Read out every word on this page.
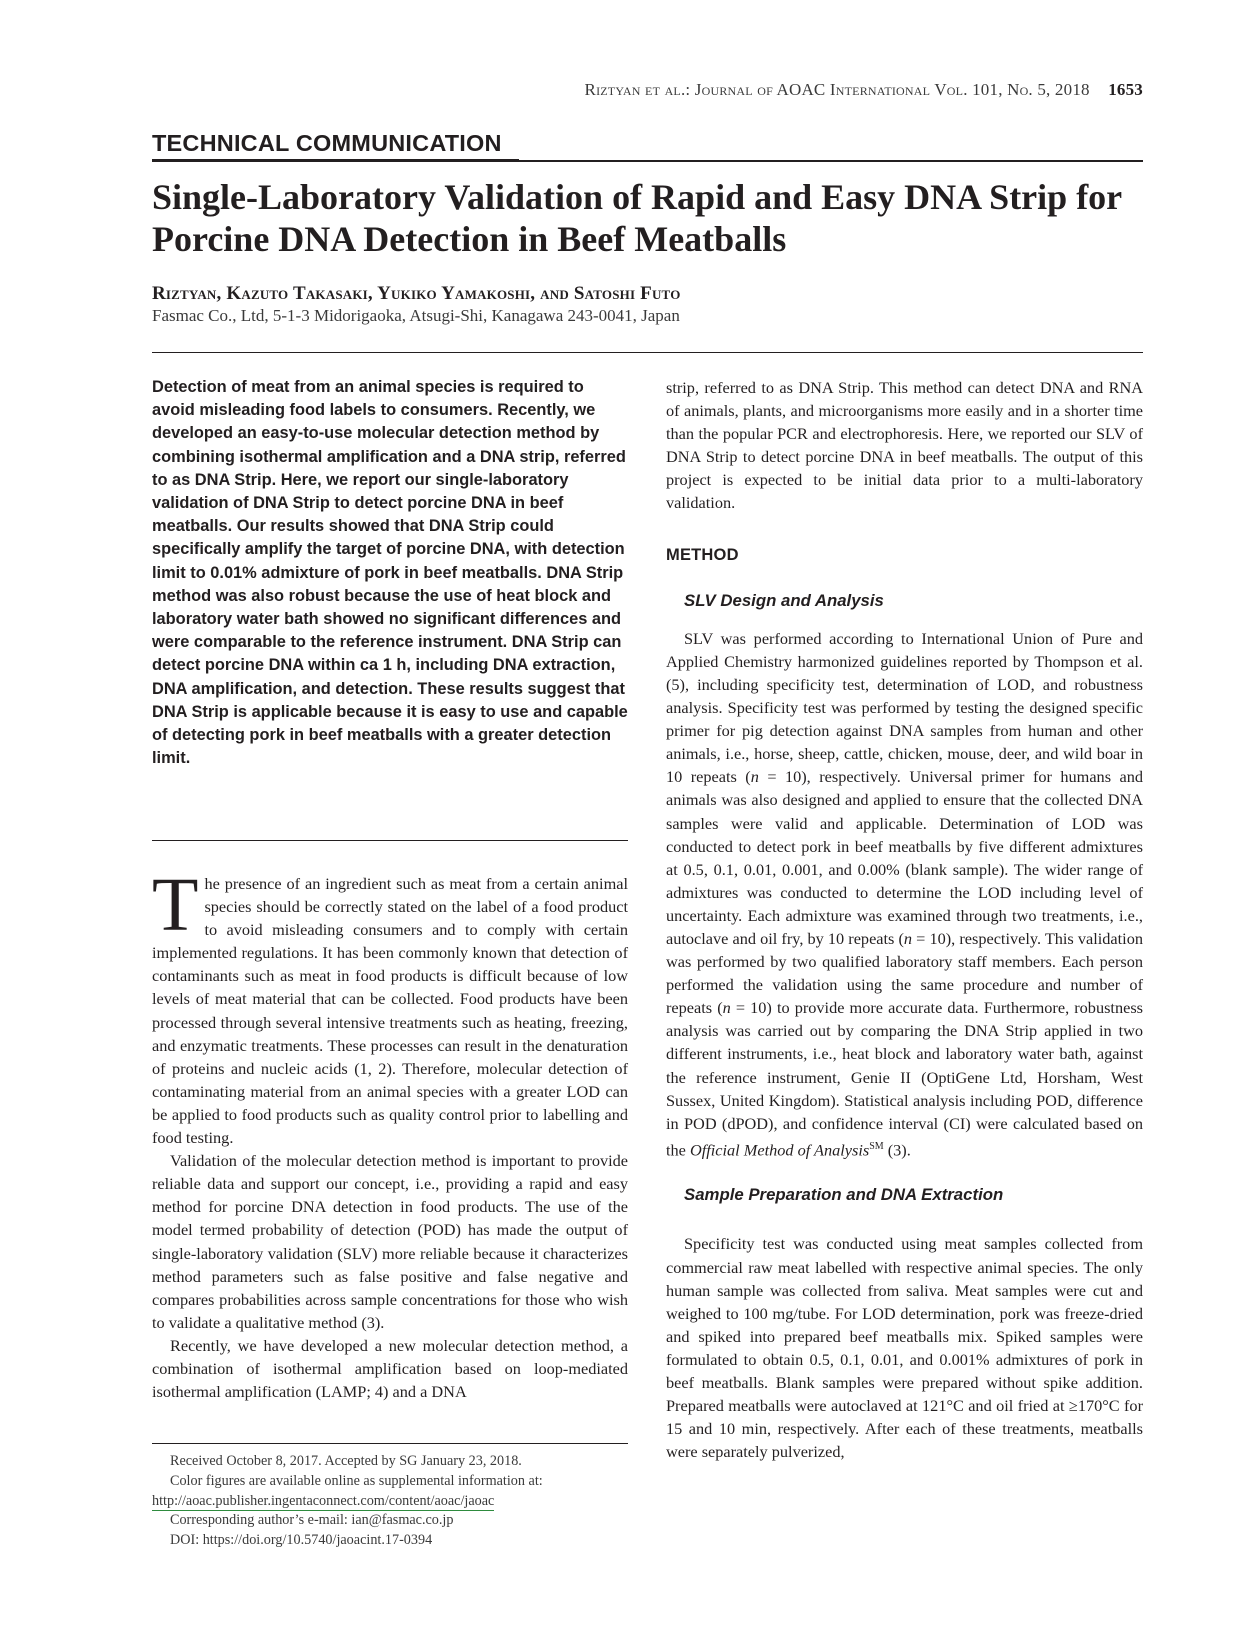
Riztyan et al.: Journal of AOAC International Vol. 101, No. 5, 2018 1653
TECHNICAL COMMUNICATION
Single-Laboratory Validation of Rapid and Easy DNA Strip for Porcine DNA Detection in Beef Meatballs
Riztyan, Kazuto Takasaki, Yukiko Yamakoshi, and Satoshi Futo
Fasmac Co., Ltd, 5-1-3 Midorigaoka, Atsugi-Shi, Kanagawa 243-0041, Japan
Detection of meat from an animal species is required to avoid misleading food labels to consumers. Recently, we developed an easy-to-use molecular detection method by combining isothermal amplification and a DNA strip, referred to as DNA Strip. Here, we report our single-laboratory validation of DNA Strip to detect porcine DNA in beef meatballs. Our results showed that DNA Strip could specifically amplify the target of porcine DNA, with detection limit to 0.01% admixture of pork in beef meatballs. DNA Strip method was also robust because the use of heat block and laboratory water bath showed no significant differences and were comparable to the reference instrument. DNA Strip can detect porcine DNA within ca 1 h, including DNA extraction, DNA amplification, and detection. These results suggest that DNA Strip is applicable because it is easy to use and capable of detecting pork in beef meatballs with a greater detection limit.

The presence of an ingredient such as meat from a certain animal species should be correctly stated on the label of a food product to avoid misleading consumers and to comply with certain implemented regulations. It has been commonly known that detection of contaminants such as meat in food products is difficult because of low levels of meat material that can be collected. Food products have been processed through several intensive treatments such as heating, freezing, and enzymatic treatments. These processes can result in the denaturation of proteins and nucleic acids (1, 2). Therefore, molecular detection of contaminating material from an animal species with a greater LOD can be applied to food products such as quality control prior to labelling and food testing.

Validation of the molecular detection method is important to provide reliable data and support our concept, i.e., providing a rapid and easy method for porcine DNA detection in food products. The use of the model termed probability of detection (POD) has made the output of single-laboratory validation (SLV) more reliable because it characterizes method parameters such as false positive and false negative and compares probabilities across sample concentrations for those who wish to validate a qualitative method (3).

Recently, we have developed a new molecular detection method, a combination of isothermal amplification based on loop-mediated isothermal amplification (LAMP; 4) and a DNA

Received October 8, 2017. Accepted by SG January 23, 2018.
Color figures are available online as supplemental information at:
http://aoac.publisher.ingentaconnect.com/content/aoac/jaoac
Corresponding author’s e-mail: ian@fasmac.co.jp
DOI: https://doi.org/10.5740/jaoacint.17-0394

strip, referred to as DNA Strip. This method can detect DNA and RNA of animals, plants, and microorganisms more easily and in a shorter time than the popular PCR and electrophoresis. Here, we reported our SLV of DNA Strip to detect porcine DNA in beef meatballs. The output of this project is expected to be initial data prior to a multi-laboratory validation.

METHOD
SLV Design and Analysis

SLV was performed according to International Union of Pure and Applied Chemistry harmonized guidelines reported by Thompson et al. (5), including specificity test, determination of LOD, and robustness analysis. Specificity test was performed by testing the designed specific primer for pig detection against DNA samples from human and other animals, i.e., horse, sheep, cattle, chicken, mouse, deer, and wild boar in 10 repeats (n = 10), respectively. Universal primer for humans and animals was also designed and applied to ensure that the collected DNA samples were valid and applicable. Determination of LOD was conducted to detect pork in beef meatballs by five different admixtures at 0.5, 0.1, 0.01, 0.001, and 0.00% (blank sample). The wider range of admixtures was conducted to determine the LOD including level of uncertainty. Each admixture was examined through two treatments, i.e., autoclave and oil fry, by 10 repeats (n = 10), respectively. This validation was performed by two qualified laboratory staff members. Each person performed the validation using the same procedure and number of repeats (n = 10) to provide more accurate data. Furthermore, robustness analysis was carried out by comparing the DNA Strip applied in two different instruments, i.e., heat block and laboratory water bath, against the reference instrument, Genie II (OptiGene Ltd, Horsham, West Sussex, United Kingdom). Statistical analysis including POD, difference in POD (dPOD), and confidence interval (CI) were calculated based on the Official Method of Analysis℠ (3).

Sample Preparation and DNA Extraction

Specificity test was conducted using meat samples collected from commercial raw meat labelled with respective animal species. The only human sample was collected from saliva. Meat samples were cut and weighed to 100 mg/tube. For LOD determination, pork was freeze-dried and spiked into prepared beef meatballs mix. Spiked samples were formulated to obtain 0.5, 0.1, 0.01, and 0.001% admixtures of pork in beef meatballs. Blank samples were prepared without spike addition. Prepared meatballs were autoclaved at 121°C and oil fried at ≥170°C for 15 and 10 min, respectively. After each of these treatments, meatballs were separately pulverized,
